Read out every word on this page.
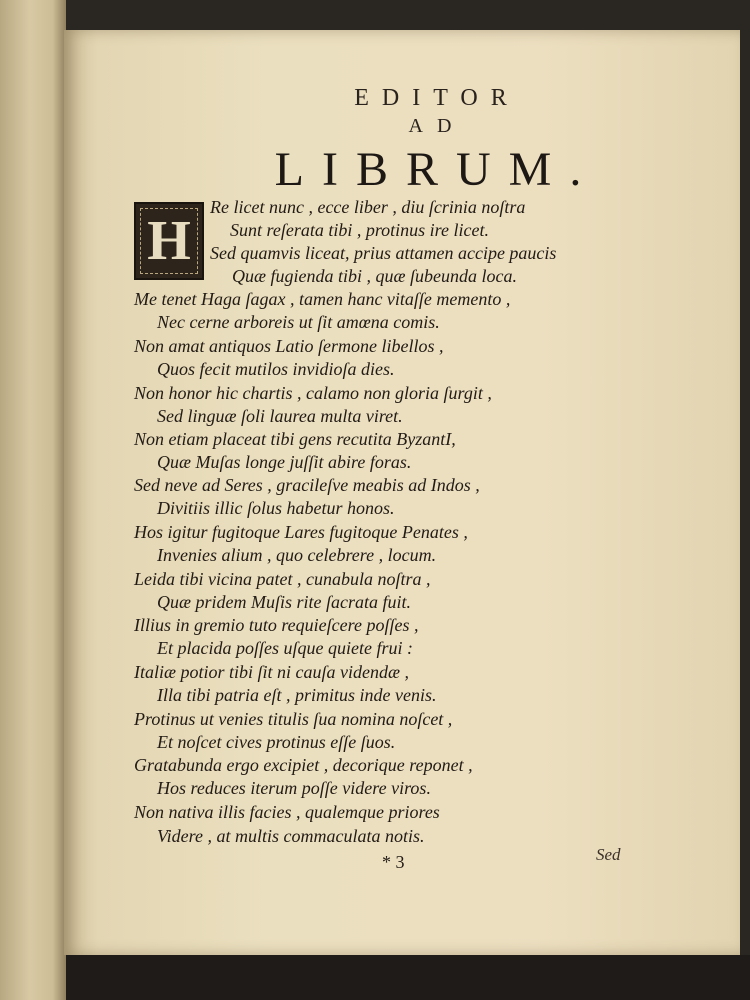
EDITOR
AD
LIBRUM.
H
Re licet nunc , ecce liber , diu ſcrinia noſtra
Sunt reſerata tibi , protinus ire licet.
Sed quamvis liceat, prius attamen accipe paucis
Quæ fugienda tibi , quæ ſubeunda loca.
Me tenet Haga ſagax , tamen hanc vitaſſe memento ,
Nec cerne arboreis ut ſit amœna comis.
Non amat antiquos Latio ſermone libellos ,
Quos fecit mutilos invidioſa dies.
Non honor hic chartis , calamo non gloria ſurgit ,
Sed linguæ ſoli laurea multa viret.
Non etiam placeat tibi gens recutita ByzantI,
Quæ Muſas longe juſſit abire foras.
Sed neve ad Seres , gracileſve meabis ad Indos ,
Divitiis illic ſolus habetur honos.
Hos igitur fugitoque Lares fugitoque Penates ,
Invenies alium , quo celebrere , locum.
Leida tibi vicina patet , cunabula noſtra ,
Quæ pridem Muſis rite ſacrata fuit.
Illius in gremio tuto requieſcere poſſes ,
Et placida poſſes uſque quiete frui :
Italiæ potior tibi ſit ni cauſa videndæ ,
Illa tibi patria eſt , primitus inde venis.
Protinus ut venies titulis ſua nomina noſcet ,
Et noſcet cives protinus eſſe ſuos.
Gratabunda ergo excipiet , decorique reponet ,
Hos reduces iterum poſſe videre viros.
Non nativa illis facies , qualemque priores
Videre , at multis commaculata notis.
* 3	Sed
